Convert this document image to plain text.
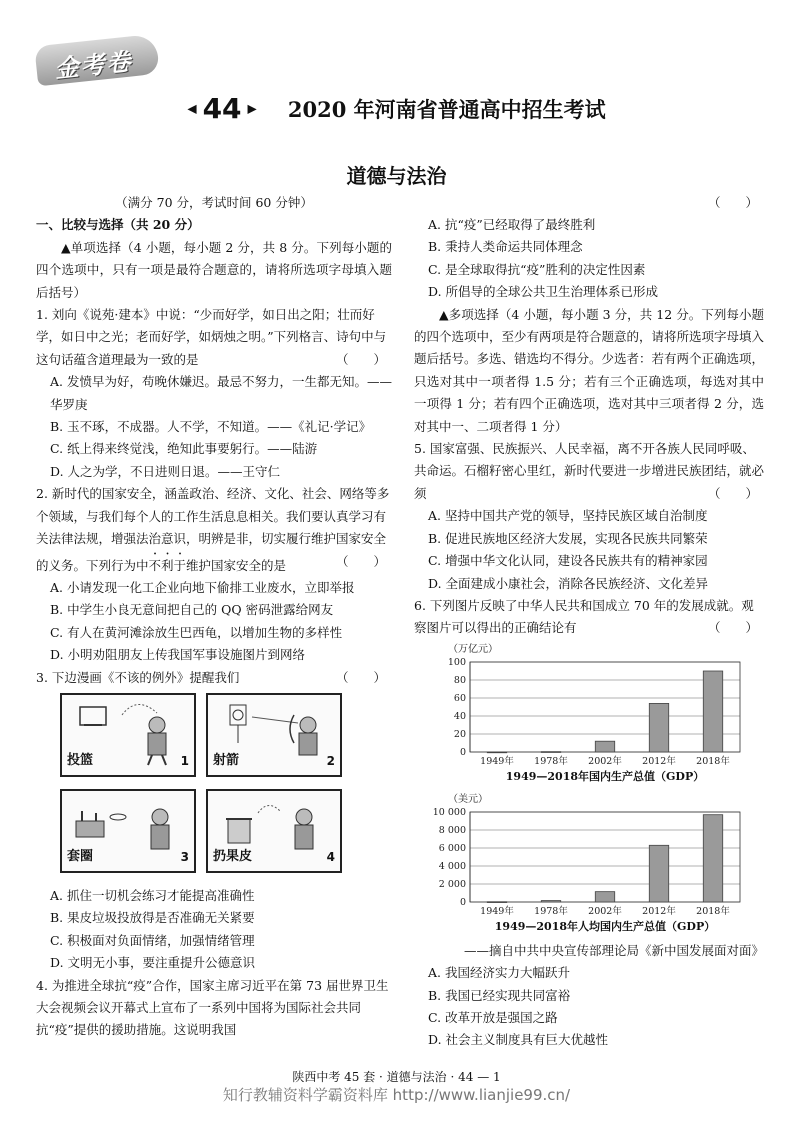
金考卷
◀ 44 ▶ 2020 年河南省普通高中招生考试
道德与法治

（满分 70 分，考试时间 60 分钟）

一、比较与选择（共 20 分）

▲单项选择（4 小题，每小题 2 分，共 8 分。下列每小题的四个选项中，只有一项是最符合题意的，请将所选项字母填入题后括号）

1. 刘向《说苑·建本》中说：“少而好学，如日出之阳；壮而好学，如日中之光；老而好学，如炳烛之明。”下列格言、诗句中与这句话蕴含道理最为一致的是	（　　）

A. 发愤早为好，苟晚休嫌迟。最忌不努力，一生都无知。——华罗庚

B. 玉不琢，不成器。人不学，不知道。——《礼记·学记》

C. 纸上得来终觉浅，绝知此事要躬行。——陆游

D. 人之为学，不日进则日退。——王守仁

2. 新时代的国家安全，涵盖政治、经济、文化、社会、网络等多个领域，与我们每个人的工作生活息息相关。我们要认真学习有关法律法规，增强法治意识，明辨是非，切实履行维护国家安全的义务。下列行为中不利于维护国家安全的是	（　　）

A. 小请发现一化工企业向地下偷排工业废水，立即举报

B. 中学生小良无意间把自己的 QQ 密码泄露给网友

C. 有人在黄河滩涂放生巴西龟，以增加生物的多样性

D. 小明劝阻朋友上传我国军事设施图片到网络

3. 下边漫画《不该的例外》提醒我们	（　　）

投篮	1 射箭	2
套圈	3 扔果皮	4

A. 抓住一切机会练习才能提高准确性

B. 果皮垃圾投放得是否准确无关紧要

C. 积极面对负面情绪，加强情绪管理

D. 文明无小事，要注重提升公德意识

4. 为推进全球抗“疫”合作，国家主席习近平在第 73 届世界卫生大会视频会议开幕式上宣布了一系列中国将为国际社会共同抗“疫”提供的援助措施。这说明我国

（　　）

A. 抗“疫”已经取得了最终胜利

B. 秉持人类命运共同体理念

C. 是全球取得抗“疫”胜利的决定性因素

D. 所倡导的全球公共卫生治理体系已形成

▲多项选择（4 小题，每小题 3 分，共 12 分。下列每小题的四个选项中，至少有两项是符合题意的，请将所选项字母填入题后括号。多选、错选均不得分。少选者：若有两个正确选项，只选对其中一项者得 1.5 分；若有三个正确选项，每选对其中一项得 1 分；若有四个正确选项，选对其中三项者得 2 分，选对其中一、二项者得 1 分）

5. 国家富强、民族振兴、人民幸福，离不开各族人民同呼吸、共命运。石榴籽密心里红，新时代要进一步增进民族团结，就必须	（　　）

A. 坚持中国共产党的领导，坚持民族区域自治制度

B. 促进民族地区经济大发展，实现各民族共同繁荣

C. 增强中华文化认同，建设各民族共有的精神家园

D. 全面建成小康社会，消除各民族经济、文化差异

6. 下列图片反映了中华人民共和国成立 70 年的发展成就。观察图片可以得出的正确结论有	（　　）

（万亿元）
0
20
40
60
80
100
1949年 1978年 2002年 2012年 2018年
1949—2018年国内生产总值（GDP）
（美元）
0
2 000
4 000
6 000
8 000
10 000
1949年 1978年 2002年 2012年 2018年
1949—2018年人均国内生产总值（GDP）

——摘自中共中央宣传部理论局《新中国发展面对面》

A. 我国经济实力大幅跃升

B. 我国已经实现共同富裕

C. 改革开放是强国之路

D. 社会主义制度具有巨大优越性

陕西中考 45 套 · 道德与法治 · 44 — 1
知行教辅资料学霸资料库 http://www.lianjie99.cn/
